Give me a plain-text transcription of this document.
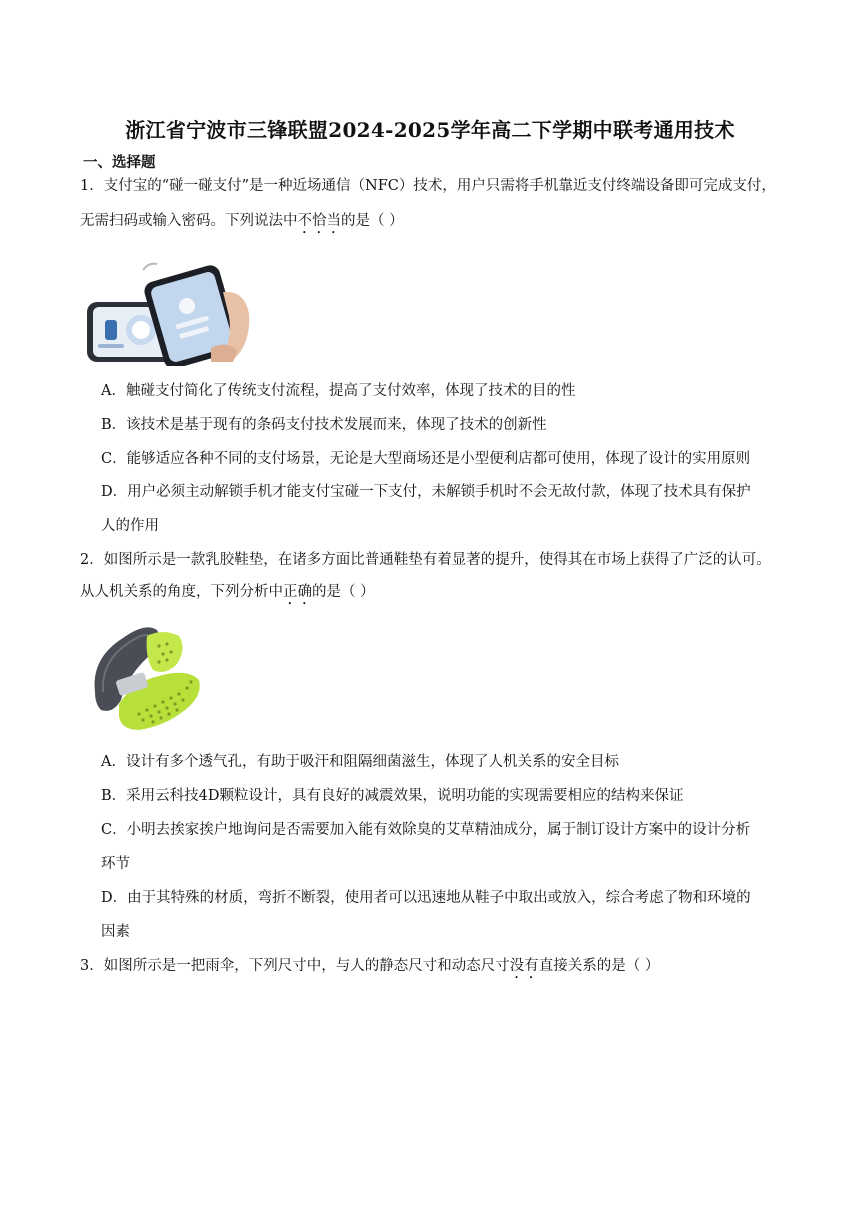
浙江省宁波市三锋联盟2024-2025学年高二下学期中联考通用技术
一、选择题
1．支付宝的“碰一碰支付”是一种近场通信（NFC）技术，用户只需将手机靠近支付终端设备即可完成支付，
无需扫码或输入密码。下列说法中不恰当的是（ ）
A．触碰支付简化了传统支付流程，提高了支付效率，体现了技术的目的性
B．该技术是基于现有的条码支付技术发展而来，体现了技术的创新性
C．能够适应各种不同的支付场景，无论是大型商场还是小型便利店都可使用，体现了设计的实用原则
D．用户必须主动解锁手机才能支付宝碰一下支付，未解锁手机时不会无故付款，体现了技术具有保护
人的作用
2．如图所示是一款乳胶鞋垫，在诸多方面比普通鞋垫有着显著的提升，使得其在市场上获得了广泛的认可。
从人机关系的角度，下列分析中正确的是（ ）
A．设计有多个透气孔，有助于吸汗和阻隔细菌滋生，体现了人机关系的安全目标
B．采用云科技4D颗粒设计，具有良好的减震效果，说明功能的实现需要相应的结构来保证
C．小明去挨家挨户地询问是否需要加入能有效除臭的艾草精油成分，属于制订设计方案中的设计分析
环节
D．由于其特殊的材质，弯折不断裂，使用者可以迅速地从鞋子中取出或放入，综合考虑了物和环境的
因素
3．如图所示是一把雨伞，下列尺寸中，与人的静态尺寸和动态尺寸没有直接关系的是（ ）
